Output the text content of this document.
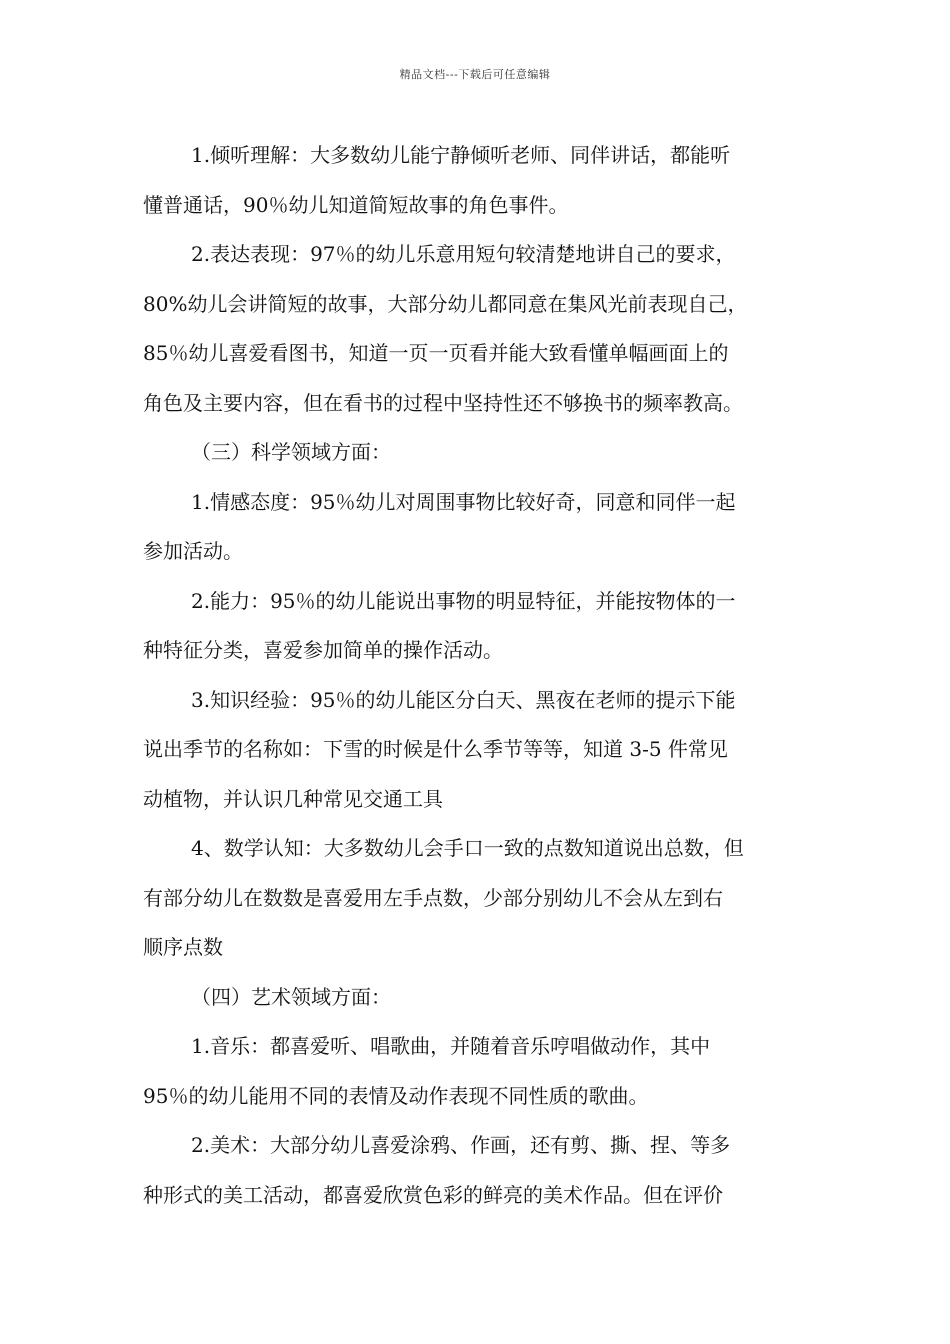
精品文档---下载后可任意编辑

1.倾听理解：大多数幼儿能宁静倾听老师、同伴讲话，都能听
懂普通话，90％幼儿知道简短故事的角色事件。

2.表达表现：97％的幼儿乐意用短句较清楚地讲自己的要求，
80%幼儿会讲简短的故事，大部分幼儿都同意在集风光前表现自己，
85％幼儿喜爱看图书，知道一页一页看并能大致看懂单幅画面上的
角色及主要内容，但在看书的过程中坚持性还不够换书的频率教高。

（三）科学领域方面：

1.情感态度：95％幼儿对周围事物比较好奇，同意和同伴一起
参加活动。

2.能力：95％的幼儿能说出事物的明显特征，并能按物体的一
种特征分类，喜爱参加简单的操作活动。

3.知识经验：95％的幼儿能区分白天、黑夜在老师的提示下能
说出季节的名称如：下雪的时候是什么季节等等，知道 3-5 件常见
动植物，并认识几种常见交通工具

4、数学认知：大多数幼儿会手口一致的点数知道说出总数，但
有部分幼儿在数数是喜爱用左手点数，少部分别幼儿不会从左到右
顺序点数

（四）艺术领域方面：

1.音乐：都喜爱听、唱歌曲，并随着音乐哼唱做动作，其中
95％的幼儿能用不同的表情及动作表现不同性质的歌曲。

2.美术：大部分幼儿喜爱涂鸦、作画，还有剪、撕、捏、等多
种形式的美工活动，都喜爱欣赏色彩的鲜亮的美术作品。但在评价
